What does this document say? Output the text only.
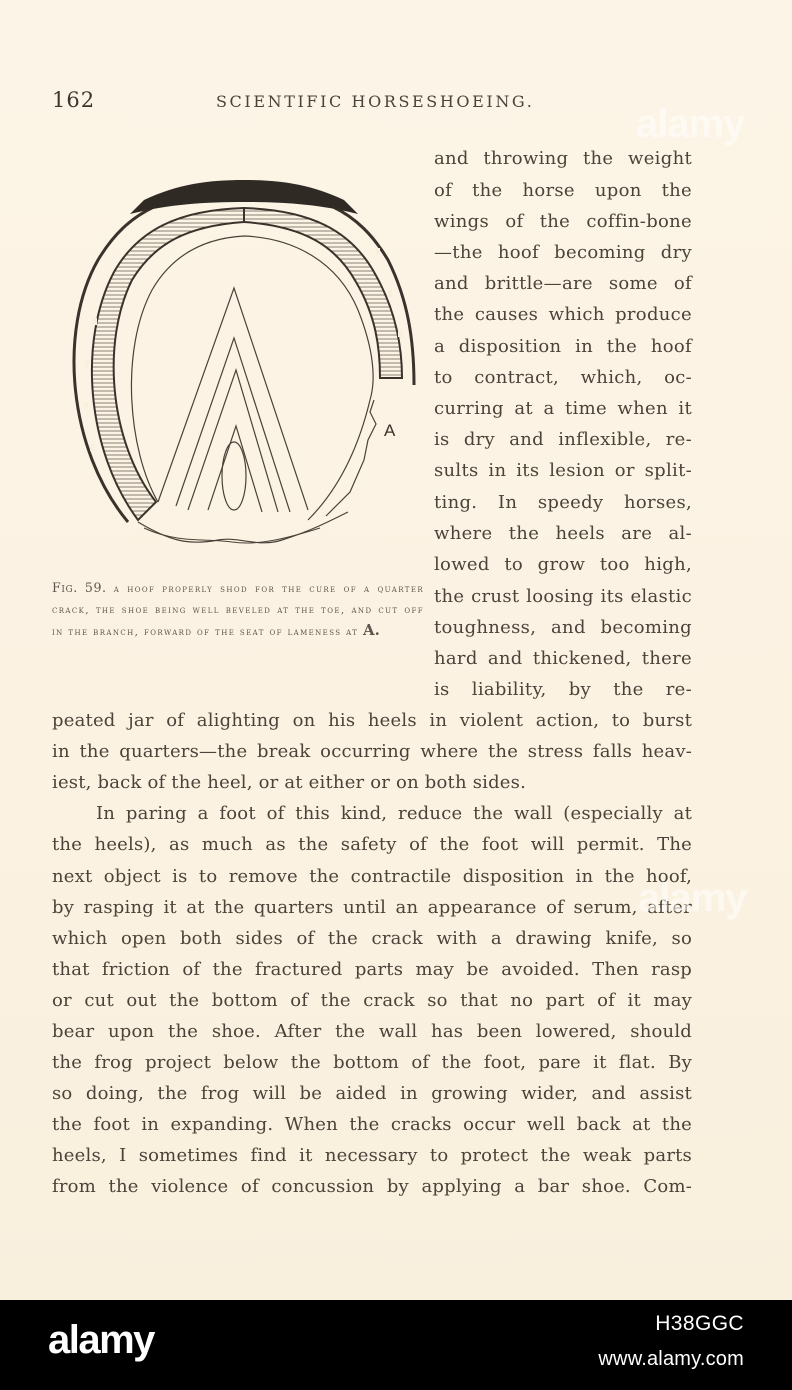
162	SCIENTIFIC HORSESHOEING.
alamy
A
Fig. 59. a hoof properly shod for the cure of a quarter crack, the shoe being well beveled at the toe, and cut off in the branch, forward of the seat of lameness at A.
and throwing the weight
of the horse upon the
wings of the coffin-bone
—the hoof becoming dry
and brittle—are some of
the causes which produce
a disposition in the hoof
to contract, which, oc-
curring at a time when it
is dry and inflexible, re-
sults in its lesion or split-
ting. In speedy horses,
where the heels are al-
lowed to grow too high,
the crust loosing its elastic
toughness, and becoming
hard and thickened, there
is liability, by the re-
peated jar of alighting on his heels in violent action, to burst
in the quarters—the break occurring where the stress falls heav-
iest, back of the heel, or at either or on both sides.
In paring a foot of this kind, reduce the wall (especially at
the heels), as much as the safety of the foot will permit. The
next object is to remove the contractile disposition in the hoof,
by rasping it at the quarters until an appearance of serum, after
which open both sides of the crack with a drawing knife, so
that friction of the fractured parts may be avoided. Then rasp
or cut out the bottom of the crack so that no part of it may
bear upon the shoe. After the wall has been lowered, should
the frog project below the bottom of the foot, pare it flat. By
so doing, the frog will be aided in growing wider, and assist
the foot in expanding. When the cracks occur well back at the
heels, I sometimes find it necessary to protect the weak parts
from the violence of concussion by applying a bar shoe. Com-
alamy
alamy	H38GGC
www.alamy.com
